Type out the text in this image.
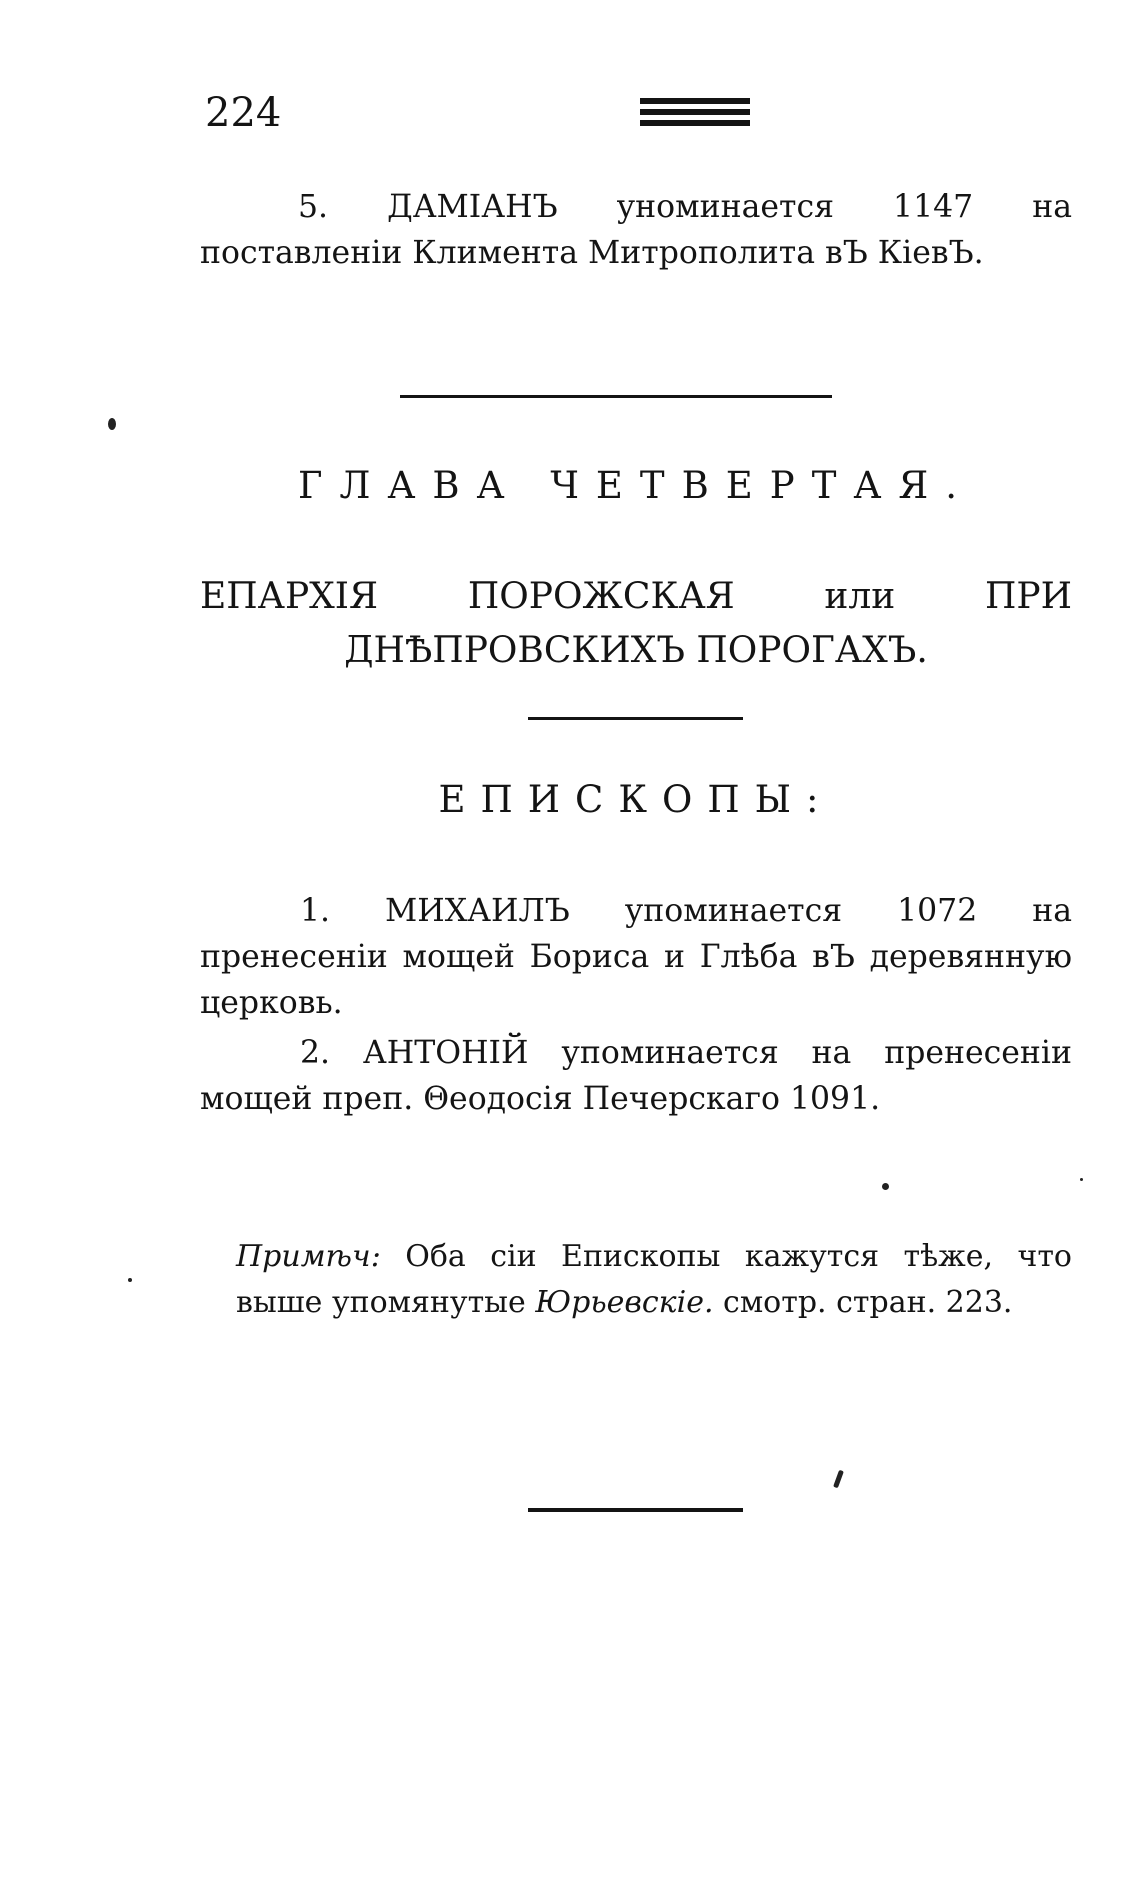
224

5. ДАМIАНЪ уноминается 1147 на поставленiи Климента Митрополита вЪ КiевЪ.

ГЛАВА ЧЕТВЕРТАЯ.
ЕПАРХIЯ ПОРОЖСКАЯ или ПРИ ДНѢПРОВСКИХЪ ПОРОГАХЪ.
ЕПИСКОПЫ:

1. МИХАИЛЪ упоминается 1072 на пренесенiи мощей Бориса и Глѣба вЪ деревянную церковь.

2. АНТОНIЙ упоминается на пренесенiи мощей преп. Θеодосiя Печерскаго 1091.

Примѣч: Оба сiи Епископы кажутся тѣже, что выше упомянутые Юрьевскiе. смотр. стран. 223.
